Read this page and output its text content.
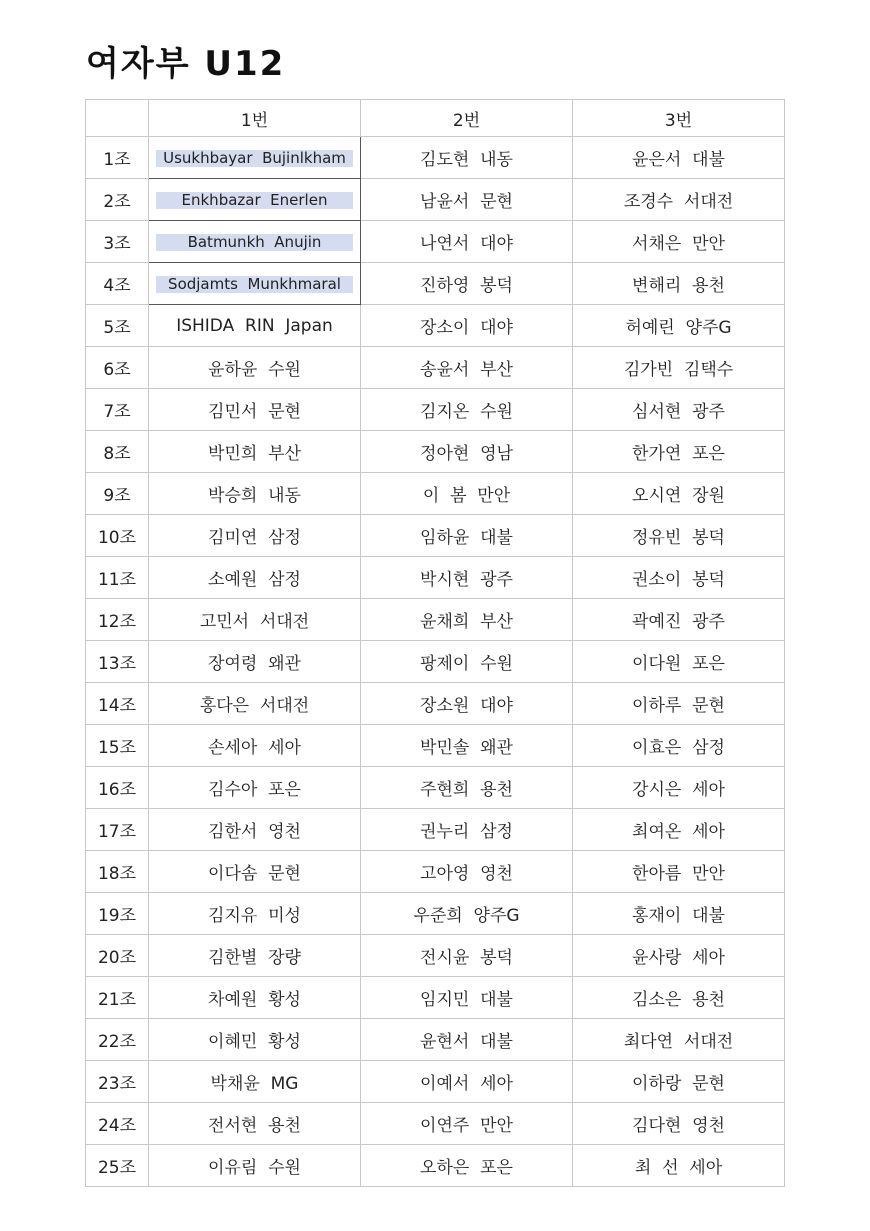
여자부 U12
	1번	2번	3번
1조	Usukhbayar  Bujinlkham	김도현  내동	윤은서  대불
2조	Enkhbazar  Enerlen	남윤서  문현	조경수  서대전
3조	Batmunkh  Anujin	나연서  대야	서채은  만안
4조	Sodjamts  Munkhmaral	진하영  봉덕	변해리  용천
5조	ISHIDA  RIN  Japan	장소이  대야	허예린  양주G
6조	윤하윤  수원	송윤서  부산	김가빈  김택수
7조	김민서  문현	김지온  수원	심서현  광주
8조	박민희  부산	정아현  영남	한가연  포은
9조	박승희  내동	이  봄  만안	오시연  장원
10조	김미연  삼정	임하윤  대불	정유빈  봉덕
11조	소예원  삼정	박시현  광주	권소이  봉덕
12조	고민서  서대전	윤채희  부산	곽예진  광주
13조	장여령  왜관	팡제이  수원	이다원  포은
14조	홍다은  서대전	장소원  대야	이하루  문현
15조	손세아  세아	박민솔  왜관	이효은  삼정
16조	김수아  포은	주현희  용천	강시은  세아
17조	김한서  영천	권누리  삼정	최여온  세아
18조	이다솜  문현	고아영  영천	한아름  만안
19조	김지유  미성	우준희  양주G	홍재이  대불
20조	김한별  장량	전시윤  봉덕	윤사랑  세아
21조	차예원  황성	임지민  대불	김소은  용천
22조	이혜민  황성	윤현서  대불	최다연  서대전
23조	박채윤  MG	이예서  세아	이하랑  문현
24조	전서현  용천	이연주  만안	김다현  영천
25조	이유림  수원	오하은  포은	최  선  세아
